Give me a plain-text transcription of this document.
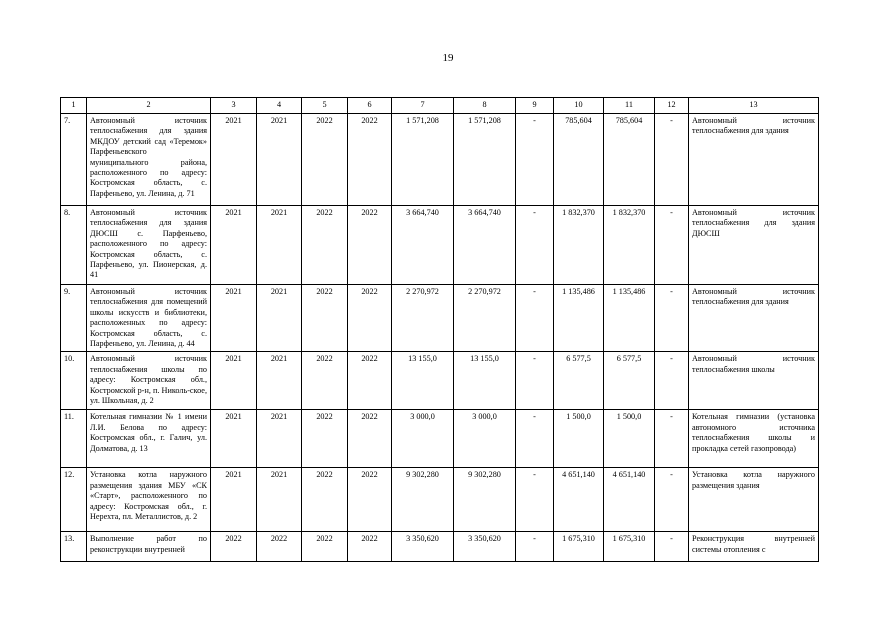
19
1	2	3	4	5	6	7	8	9	10	11	12	13
7.	Автономный источник теплоснабжения для здания МКДОУ детский сад «Теремок» Парфеньевского муниципального района, расположенного по адресу: Костромская область, с. Парфеньево, ул. Ленина, д. 71	2021	2021	2022	2022	1 571,208	1 571,208	-	785,604	785,604	-	Автономный источник теплоснабжения для здания
8.	Автономный источник теплоснабжения для здания ДЮСШ с. Парфеньево, расположенного по адресу: Костромская область, с. Парфеньево, ул. Пионерская, д. 41	2021	2021	2022	2022	3 664,740	3 664,740	-	1 832,370	1 832,370	-	Автономный источник теплоснабжения для здания ДЮСШ
9.	Автономный источник теплоснабжения для помещений школы искусств и библиотеки, расположенных по адресу: Костромская область, с. Парфеньево, ул. Ленина, д. 44	2021	2021	2022	2022	2 270,972	2 270,972	-	1 135,486	1 135,486	-	Автономный источник теплоснабжения для здания
10.	Автономный источник теплоснабжения школы по адресу: Костромская обл., Костромской р-н, п. Николь-ское, ул. Школьная, д. 2	2021	2021	2022	2022	13 155,0	13 155,0	-	6 577,5	6 577,5	-	Автономный источник теплоснабжения школы
11.	Котельная гимназии № 1 имени Л.И. Белова по адресу: Костромская обл., г. Галич, ул. Долматова, д. 13	2021	2021	2022	2022	3 000,0	3 000,0	-	1 500,0	1 500,0	-	Котельная гимназии (установка автономного источника теплоснабжения школы и прокладка сетей газопровода)
12.	Установка котла наружного размещения здания МБУ «СК «Старт», расположенного по адресу: Костромская обл., г. Нерехта, пл. Металлистов, д. 2	2021	2021	2022	2022	9 302,280	9 302,280	-	4 651,140	4 651,140	-	Установка котла наружного размещения здания
13.	Выполнение работ по реконструкции внутренней	2022	2022	2022	2022	3 350,620	3 350,620	-	1 675,310	1 675,310	-	Реконструкция внутренней системы отопления с
